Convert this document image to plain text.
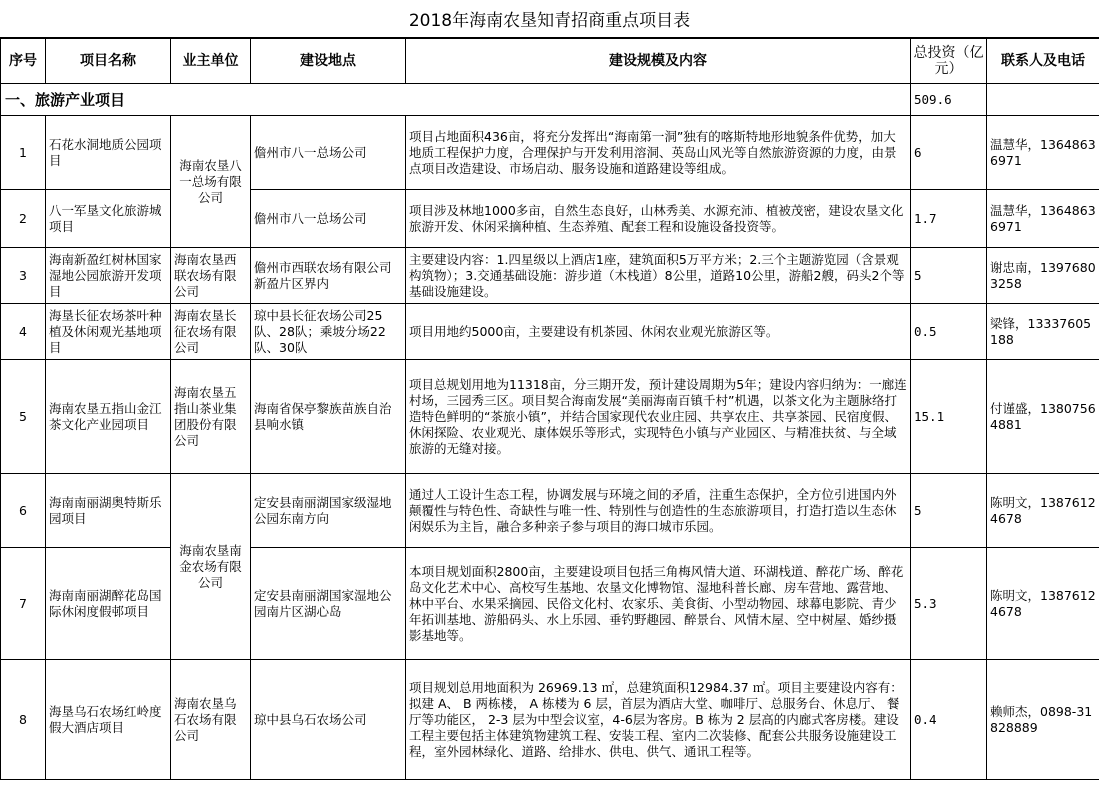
2018年海南农垦知青招商重点项目表
序号	项目名称	业主单位	建设地点	建设规模及内容	总投资（亿元）	联系人及电话
一、旅游产业项目					509.6	
1	石花水洞地质公园项目	海南农垦八一总场有限公司	儋州市八一总场公司	项目占地面积436亩，将充分发挥出“海南第一洞”独有的喀斯特地形地貌条件优势，加大地质工程保护力度，合理保护与开发利用溶洞、英岛山风光等自然旅游资源的力度，由景点项目改造建设、市场启动、服务设施和道路建设等组成。	6	温慧华，13648636971
2	八一军垦文化旅游城项目		儋州市八一总场公司	项目涉及林地1000多亩，自然生态良好，山林秀美、水源充沛、植被茂密，建设农垦文化旅游开发、休闲采摘种植、生态养殖、配套工程和设施设备投资等。	1.7	温慧华，13648636971
3	海南新盈红树林国家湿地公园旅游开发项目	海南农垦西联农场有限公司	儋州市西联农场有限公司新盈片区界内	主要建设内容：1.四星级以上酒店1座，建筑面积5万平方米；2.三个主题游览园（含景观构筑物）；3.交通基础设施：游步道（木栈道）8公里，道路10公里，游船2艘，码头2个等基础设施建设。	5	谢忠南，13976803258
4	海垦长征农场茶叶种植及休闲观光基地项目	海南农垦长征农场有限公司	琼中县长征农场公司25队、28队；乘坡分场22队、30队	项目用地约5000亩，主要建设有机茶园、休闲农业观光旅游区等。	0.5	梁锋，13337605188
5	海南农垦五指山金江茶文化产业园项目	海南农垦五指山茶业集团股份有限公司	海南省保亭黎族苗族自治县响水镇	项目总规划用地为11318亩，分三期开发，预计建设周期为5年；建设内容归纳为：一廊连村场，三园秀三区。项目契合海南发展“美丽海南百镇千村”机遇，以茶文化为主题脉络打造特色鲜明的“茶旅小镇”，并结合国家现代农业庄园、共享农庄、共享茶园、民宿度假、休闲探险、农业观光、康体娱乐等形式，实现特色小镇与产业园区、与精准扶贫、与全域旅游的无缝对接。	15.1	付谨盛，13807564881
6	海南南丽湖奥特斯乐园项目	海南农垦南金农场有限公司	定安县南丽湖国家级湿地公园东南方向	通过人工设计生态工程，协调发展与环境之间的矛盾，注重生态保护，全方位引进国内外颠覆性与特色性、奇缺性与唯一性、特别性与创造性的生态旅游项目，打造打造以生态休闲娱乐为主旨，融合多种亲子参与项目的海口城市乐园。	5	陈明文，13876124678
7	海南南丽湖醉花岛国际休闲度假邨项目		定安县南丽湖国家湿地公园南片区湖心岛	本项目规划面积2800亩，主要建设项目包括三角梅风情大道、环湖栈道、醉花广场、醉花岛文化艺术中心、高校写生基地、农垦文化博物馆、湿地科普长廊、房车营地、露营地、林中平台、水果采摘园、民俗文化村、农家乐、美食街、小型动物园、球幕电影院、青少年拓训基地、游船码头、水上乐园、垂钓野趣园、醉景台、风情木屋、空中树屋、婚纱摄影基地等。	5.3	陈明文，13876124678
8	海垦乌石农场红岭度假大酒店项目	海南农垦乌石农场有限公司	琼中县乌石农场公司	项目规划总用地面积为 26969.13 ㎡，总建筑面积12984.37 ㎡。项目主要建设内容有：拟建 A、 B 两栋楼， A 栋楼为 6 层，首层为酒店大堂、咖啡厅、总服务台、休息厅、 餐厅等功能区， 2-3 层为中型会议室，4-6层为客房。B 栋为 2 层高的内廊式客房楼。建设工程主要包括主体建筑物建筑工程、安装工程、室内二次装修、配套公共服务设施建设工程，室外园林绿化、道路、给排水、供电、供气、通讯工程等。	0.4	赖师杰，0898-31828889
